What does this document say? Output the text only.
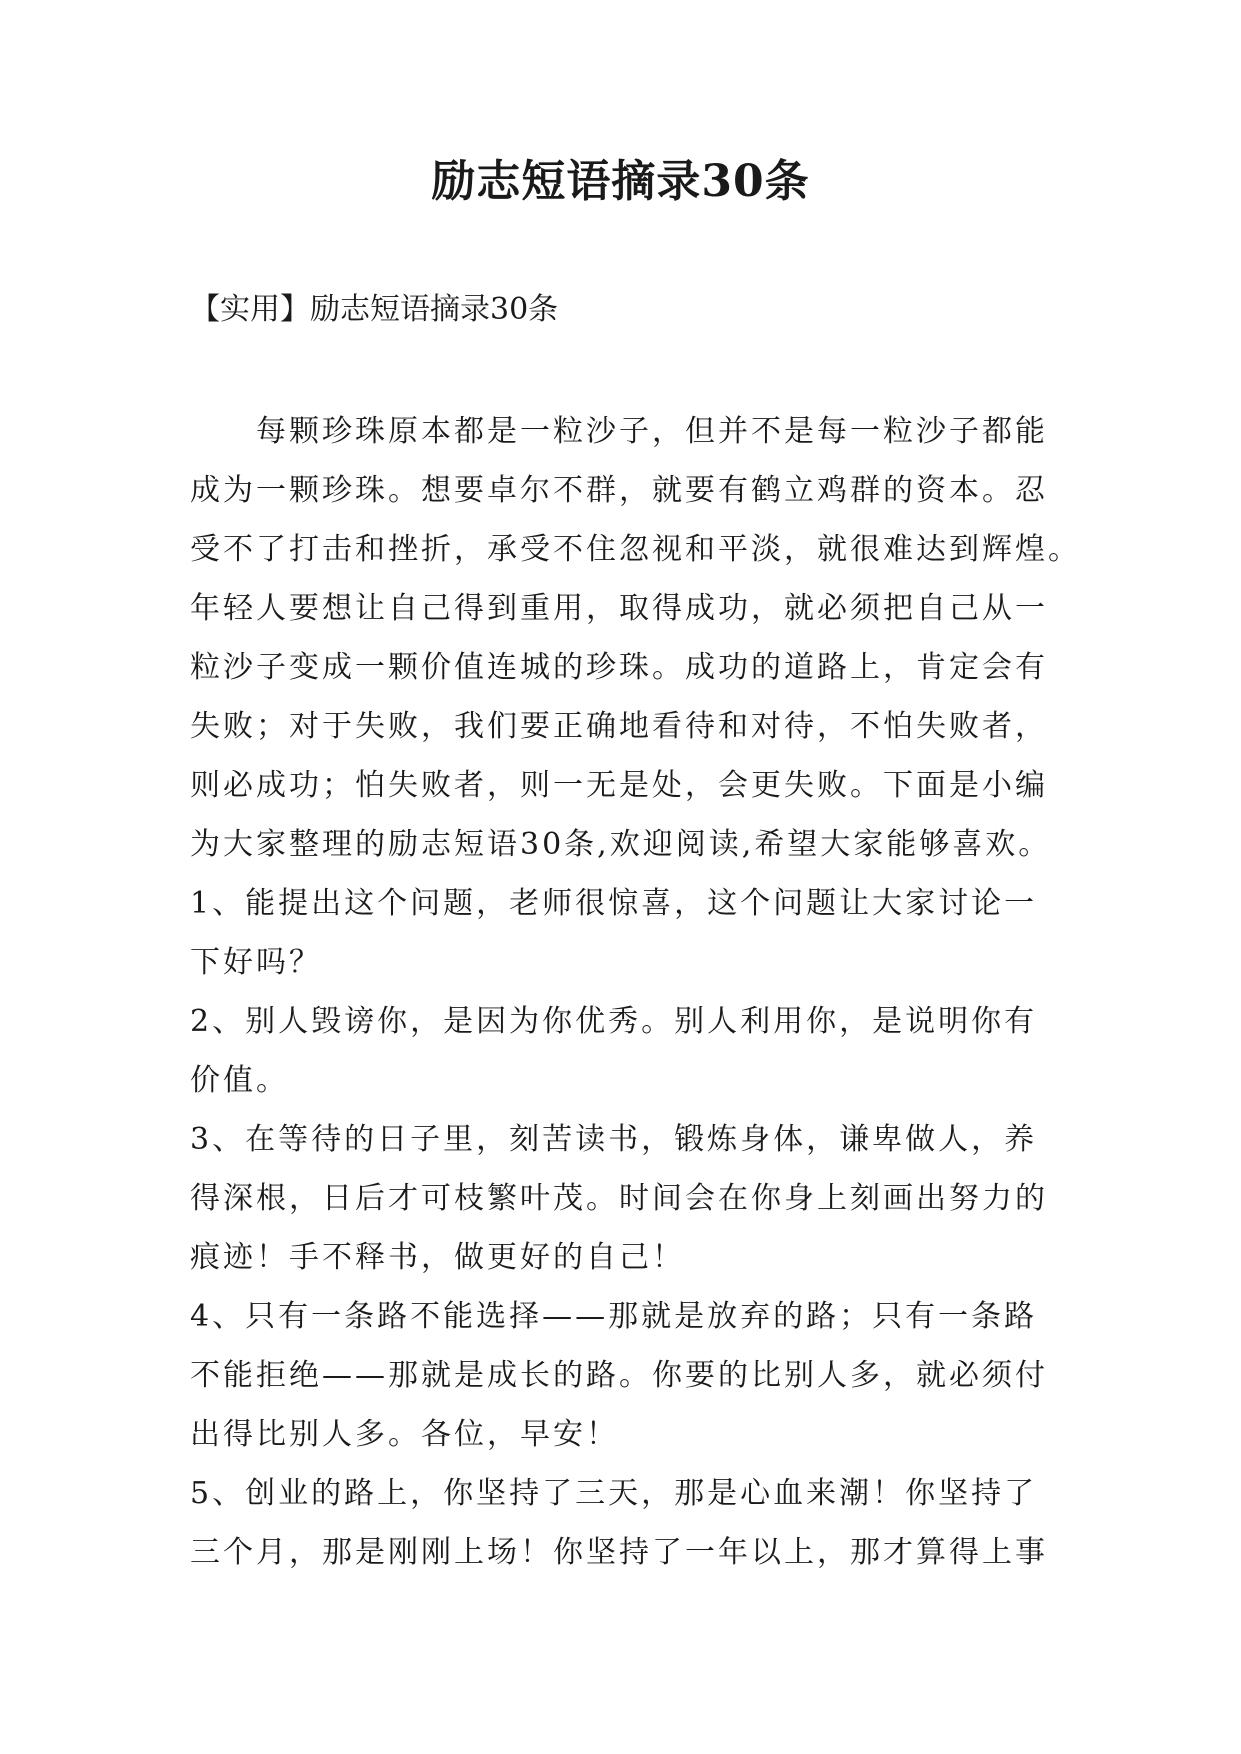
励志短语摘录30条
【实用】励志短语摘录30条
每颗珍珠原本都是一粒沙子，但并不是每一粒沙子都能
成为一颗珍珠。想要卓尔不群，就要有鹤立鸡群的资本。忍
受不了打击和挫折，承受不住忽视和平淡，就很难达到辉煌。
年轻人要想让自己得到重用，取得成功，就必须把自己从一
粒沙子变成一颗价值连城的珍珠。成功的道路上，肯定会有
失败；对于失败，我们要正确地看待和对待，不怕失败者，
则必成功；怕失败者，则一无是处，会更失败。下面是小编
为大家整理的励志短语30条,欢迎阅读,希望大家能够喜欢。
1、能提出这个问题，老师很惊喜，这个问题让大家讨论一
下好吗？
2、别人毁谤你，是因为你优秀。别人利用你，是说明你有
价值。
3、在等待的日子里，刻苦读书，锻炼身体，谦卑做人，养
得深根，日后才可枝繁叶茂。时间会在你身上刻画出努力的
痕迹！手不释书，做更好的自己！
4、只有一条路不能选择——那就是放弃的路；只有一条路
不能拒绝——那就是成长的路。你要的比别人多，就必须付
出得比别人多。各位，早安！
5、创业的路上，你坚持了三天，那是心血来潮！你坚持了
三个月，那是刚刚上场！你坚持了一年以上，那才算得上事
